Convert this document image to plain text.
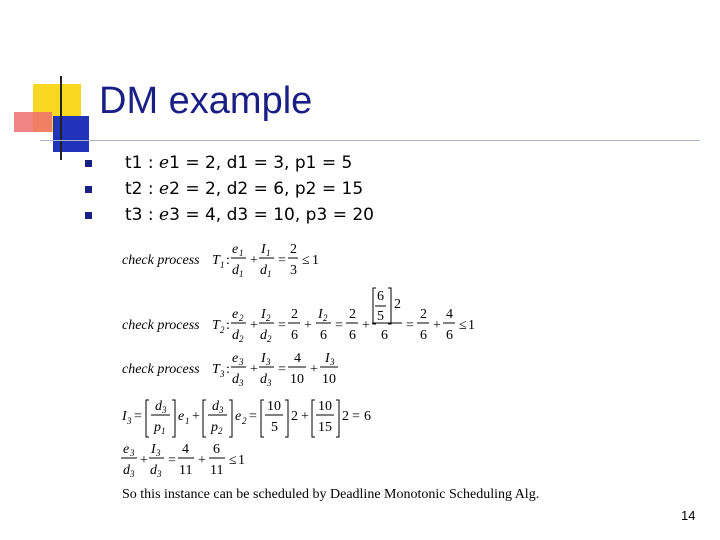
DM example
t1 : e1 = 2, d1 = 3, p1 = 5
t2 : e2 = 2, d2 = 6, p2 = 15
t3 : e3 = 4, d3 = 10, p3 = 20
check process T 1 :
e 1
d 1
+
I 1
d 1
=
2
3
≤ 1
check process T 2 :
e 2
d 2
+
I 2
d 2
=
2
6
+
I 2
6
=
2
6
+
6
5
2
6
=
2
6
+
4
6
≤ 1
check process T 3 :
e 3
d 3
+
I 3
d 3
=
4
10
+
I 3
10
I 3 =
d 3
p 1
e 1 +
d 3
p 2
e 2 =
10
5
2 +
10
15
2 = 6
e 3
d 3
+
I 3
d 3
=
4
11
+
6
11
≤ 1
So this instance can be scheduled by Deadline Monotonic Scheduling Alg.
14
